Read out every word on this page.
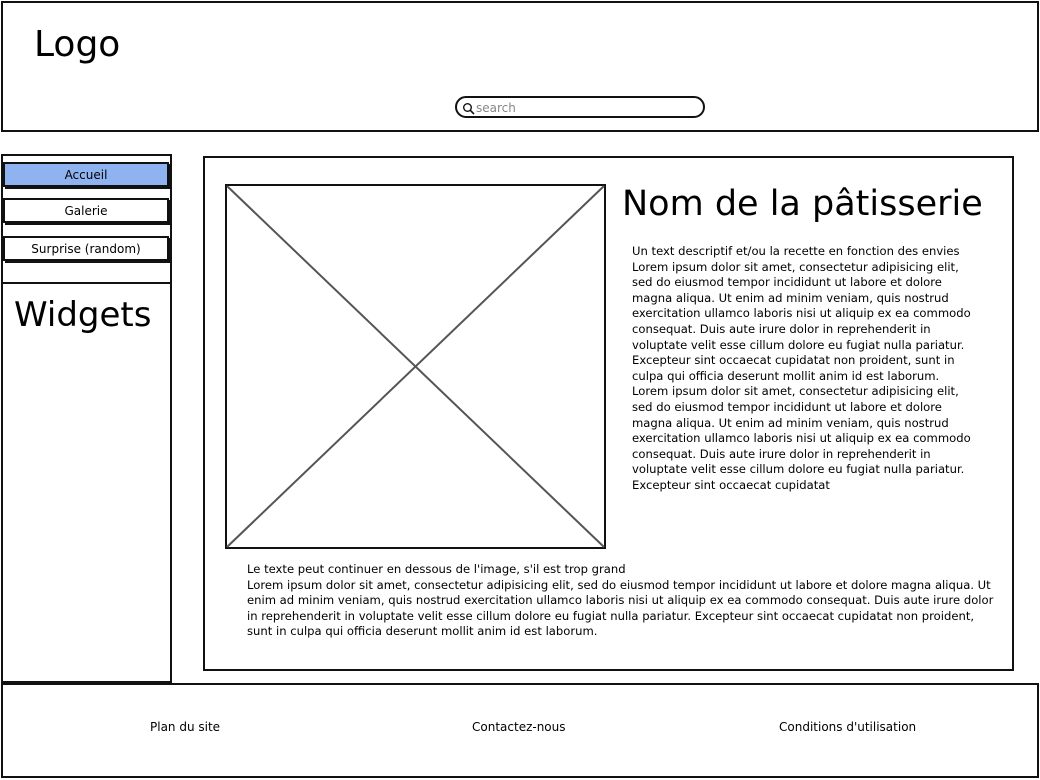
Logo
search
Accueil
Galerie
Surprise (random)
Widgets
Nom de la pâtisserie

Un text descriptif et/ou la recette en fonction des envies

Lorem ipsum dolor sit amet, consectetur adipisicing elit, sed do eiusmod tempor incididunt ut labore et dolore magna aliqua. Ut enim ad minim veniam, quis nostrud exercitation ullamco laboris nisi ut aliquip ex ea commodo consequat. Duis aute irure dolor in reprehenderit in voluptate velit esse cillum dolore eu fugiat nulla pariatur. Excepteur sint occaecat cupidatat non proident, sunt in culpa qui officia deserunt mollit anim id est laborum.

Lorem ipsum dolor sit amet, consectetur adipisicing elit, sed do eiusmod tempor incididunt ut labore et dolore magna aliqua. Ut enim ad minim veniam, quis nostrud exercitation ullamco laboris nisi ut aliquip ex ea commodo consequat. Duis aute irure dolor in reprehenderit in voluptate velit esse cillum dolore eu fugiat nulla pariatur. Excepteur sint occaecat cupidatat

Le texte peut continuer en dessous de l'image, s'il est trop grand

Lorem ipsum dolor sit amet, consectetur adipisicing elit, sed do eiusmod tempor incididunt ut labore et dolore magna aliqua. Ut enim ad minim veniam, quis nostrud exercitation ullamco laboris nisi ut aliquip ex ea commodo consequat. Duis aute irure dolor in reprehenderit in voluptate velit esse cillum dolore eu fugiat nulla pariatur. Excepteur sint occaecat cupidatat non proident, sunt in culpa qui officia deserunt mollit anim id est laborum.

Plan du site	Contactez-nous	Conditions d'utilisation
